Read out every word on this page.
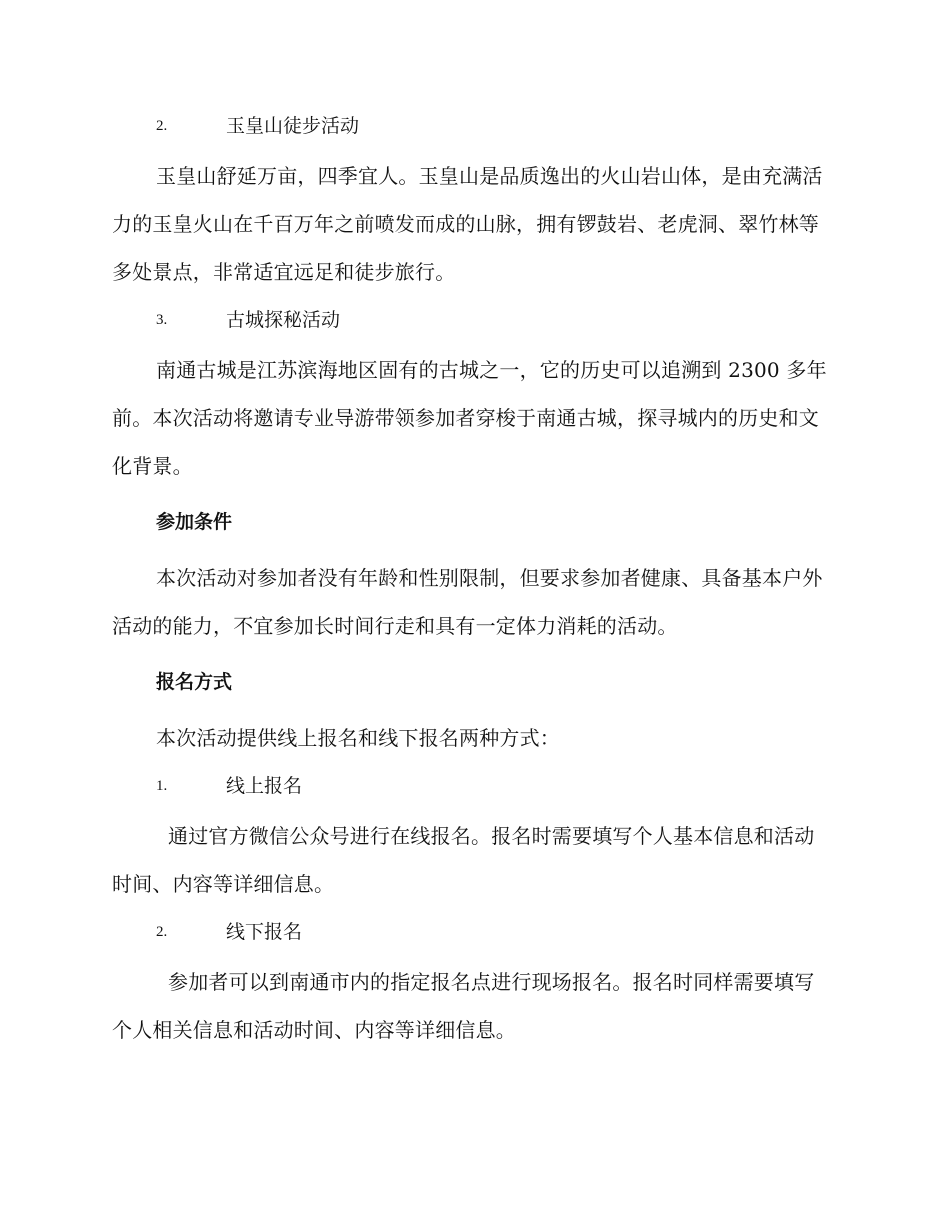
2.	玉皇山徒步活动

玉皇山舒延万亩，四季宜人。玉皇山是品质逸出的火山岩山体，是由充满活力的玉皇火山在千百万年之前喷发而成的山脉，拥有锣鼓岩、老虎洞、翠竹林等多处景点，非常适宜远足和徒步旅行。

3.	古城探秘活动

南通古城是江苏滨海地区固有的古城之一，它的历史可以追溯到 2300 多年前。本次活动将邀请专业导游带领参加者穿梭于南通古城，探寻城内的历史和文化背景。

参加条件

本次活动对参加者没有年龄和性别限制，但要求参加者健康、具备基本户外活动的能力，不宜参加长时间行走和具有一定体力消耗的活动。

报名方式

本次活动提供线上报名和线下报名两种方式：

1.	线上报名

通过官方微信公众号进行在线报名。报名时需要填写个人基本信息和活动时间、内容等详细信息。

2.	线下报名

参加者可以到南通市内的指定报名点进行现场报名。报名时同样需要填写个人相关信息和活动时间、内容等详细信息。
